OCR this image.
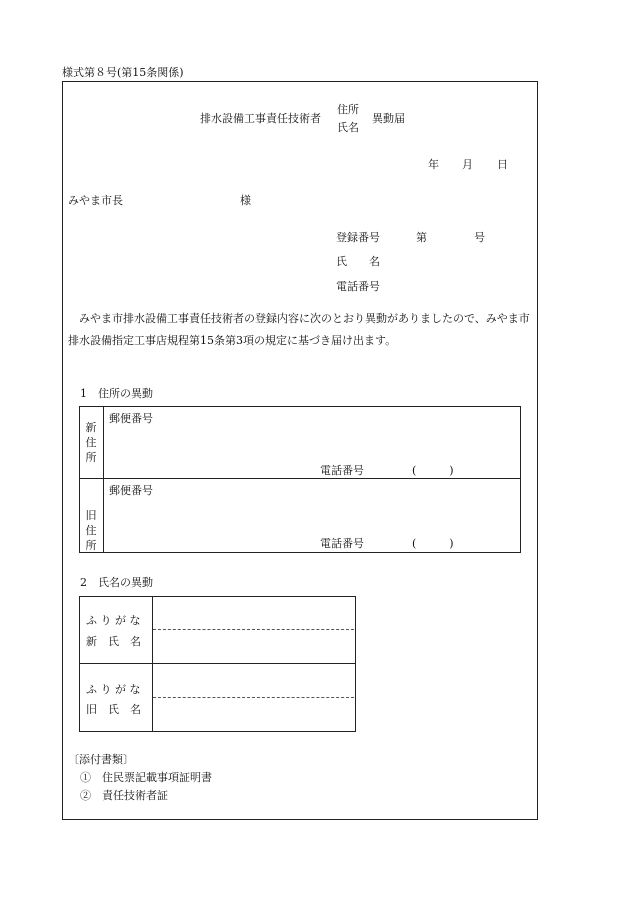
様式第８号(第15条関係)
排水設備工事責任技術者
住所
氏名
異動届
年 月 日
みやま市長	様
登録番号	第	号
氏　　名
電話番号
みやま市排水設備工事責任技術者の登録内容に次のとおり異動がありましたので、みやま市排水設備指定工事店規程第15条第3項の規定に基づき届け出ます。
1　住所の異動
新住所
郵便番号
電話番号	(　　　)
旧住所
郵便番号
電話番号	(　　　)
2　氏名の異動
ふ り が な
新　氏　名
ふ り が な
旧　氏　名
〔添付書類〕
①　住民票記載事項証明書
②　責任技術者証
